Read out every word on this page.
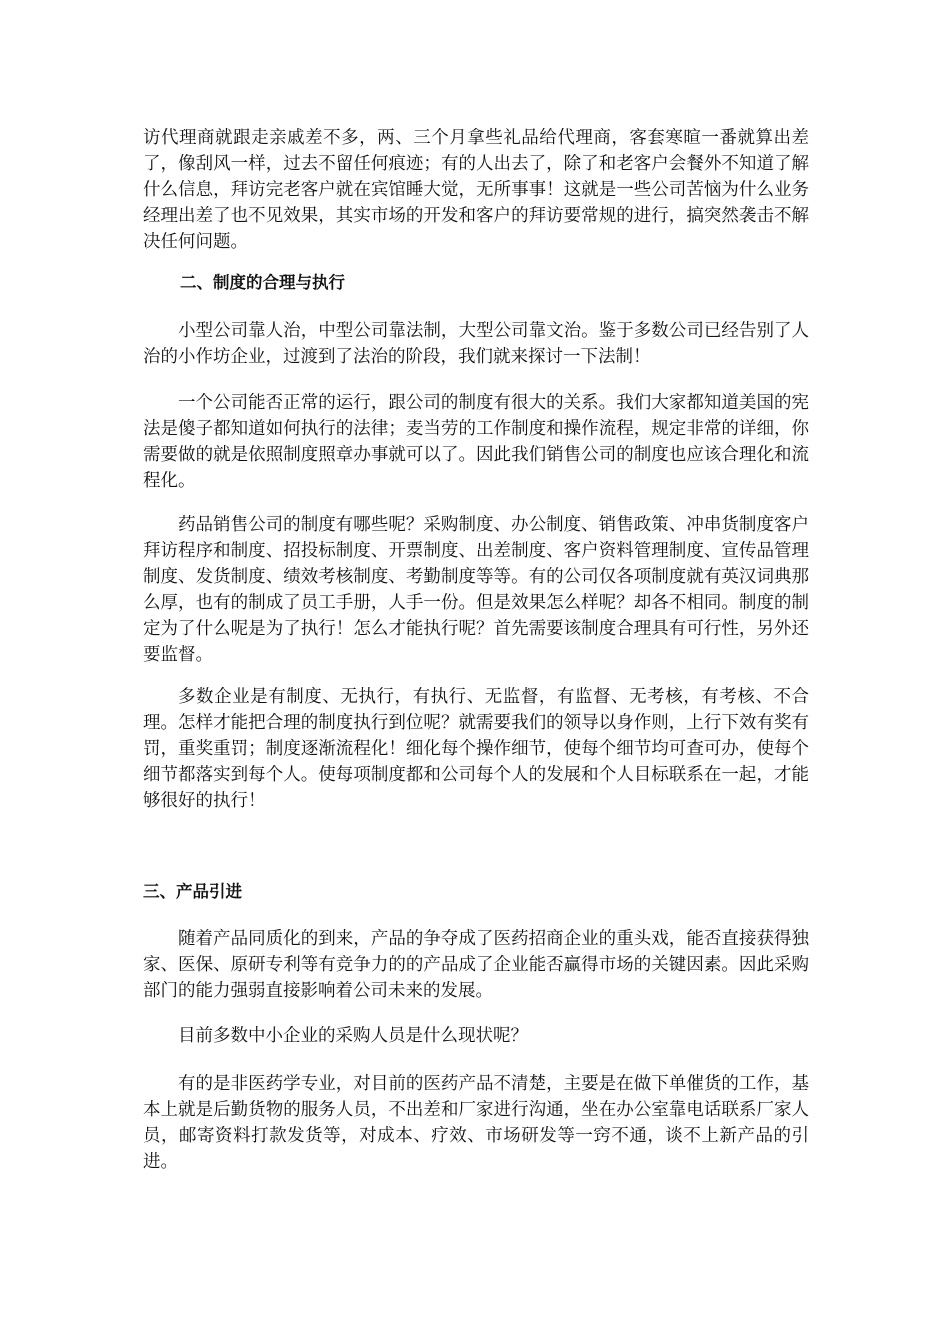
访代理商就跟走亲戚差不多，两、三个月拿些礼品给代理商，客套寒暄一番就算出差了，像刮风一样，过去不留任何痕迹；有的人出去了，除了和老客户会餐外不知道了解什么信息，拜访完老客户就在宾馆睡大觉，无所事事！这就是一些公司苦恼为什么业务经理出差了也不见效果，其实市场的开发和客户的拜访要常规的进行，搞突然袭击不解决任何问题。

二、制度的合理与执行

小型公司靠人治，中型公司靠法制，大型公司靠文治。鉴于多数公司已经告别了人治的小作坊企业，过渡到了法治的阶段，我们就来探讨一下法制！

一个公司能否正常的运行，跟公司的制度有很大的关系。我们大家都知道美国的宪法是傻子都知道如何执行的法律；麦当劳的工作制度和操作流程，规定非常的详细，你需要做的就是依照制度照章办事就可以了。因此我们销售公司的制度也应该合理化和流程化。

药品销售公司的制度有哪些呢？采购制度、办公制度、销售政策、冲串货制度客户拜访程序和制度、招投标制度、开票制度、出差制度、客户资料管理制度、宣传品管理制度、发货制度、绩效考核制度、考勤制度等等。有的公司仅各项制度就有英汉词典那么厚，也有的制成了员工手册，人手一份。但是效果怎么样呢？却各不相同。制度的制定为了什么呢是为了执行！怎么才能执行呢？首先需要该制度合理具有可行性，另外还要监督。

多数企业是有制度、无执行，有执行、无监督，有监督、无考核，有考核、不合理。怎样才能把合理的制度执行到位呢？就需要我们的领导以身作则，上行下效有奖有罚，重奖重罚；制度逐渐流程化！细化每个操作细节，使每个细节均可查可办，使每个细节都落实到每个人。使每项制度都和公司每个人的发展和个人目标联系在一起，才能够很好的执行！

三、产品引进

随着产品同质化的到来，产品的争夺成了医药招商企业的重头戏，能否直接获得独家、医保、原研专利等有竞争力的的产品成了企业能否赢得市场的关键因素。因此采购部门的能力强弱直接影响着公司未来的发展。

目前多数中小企业的采购人员是什么现状呢？

有的是非医药学专业，对目前的医药产品不清楚，主要是在做下单催货的工作，基本上就是后勤货物的服务人员，不出差和厂家进行沟通，坐在办公室靠电话联系厂家人员，邮寄资料打款发货等，对成本、疗效、市场研发等一窍不通，谈不上新产品的引进。
